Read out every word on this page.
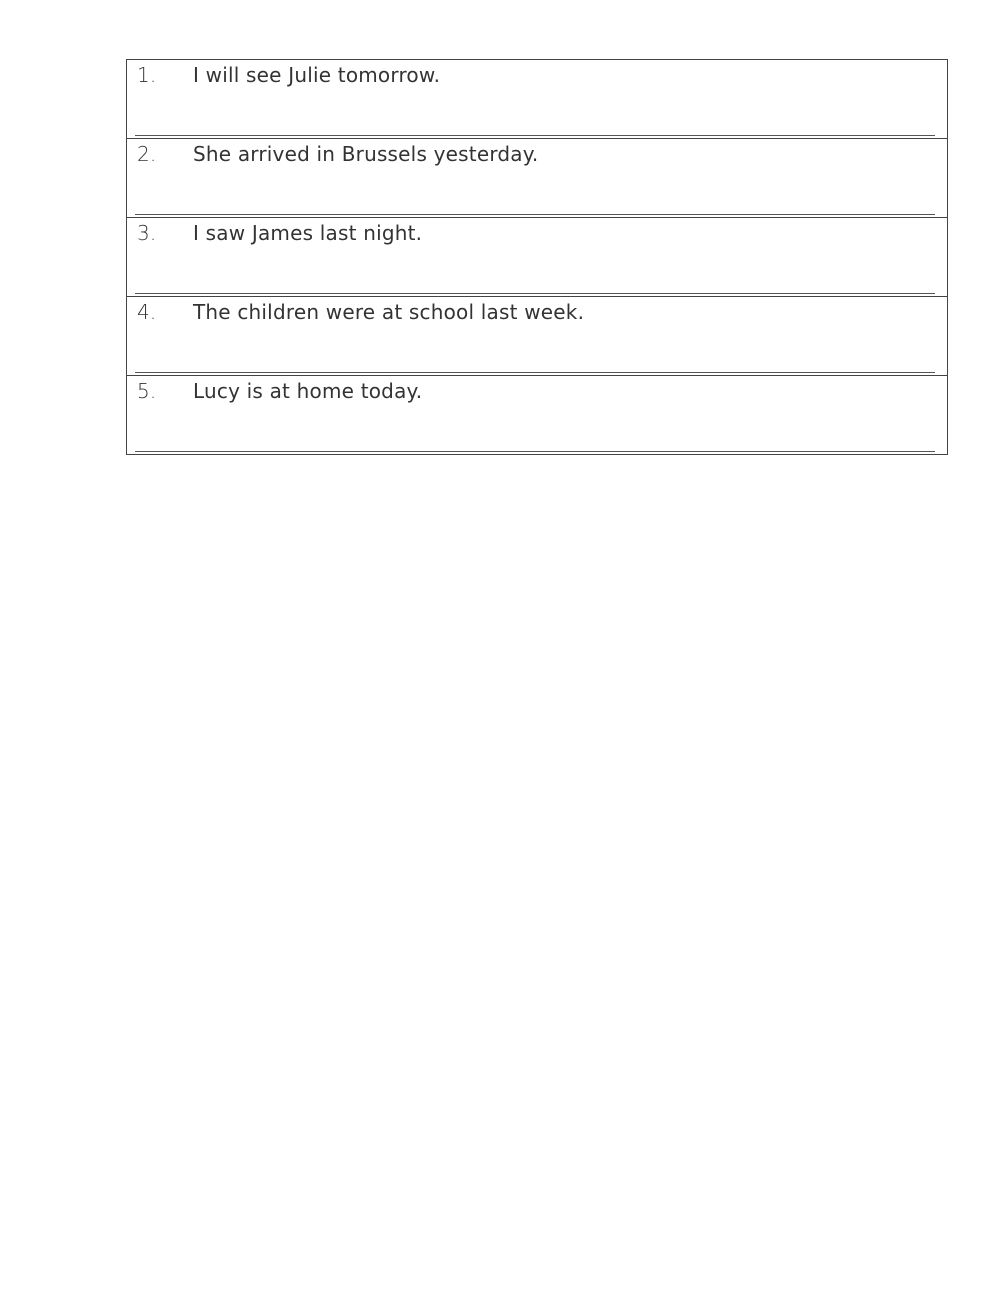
1. I will see Julie tomorrow.
2. She arrived in Brussels yesterday.
3. I saw James last night.
4. The children were at school last week.
5. Lucy is at home today.
